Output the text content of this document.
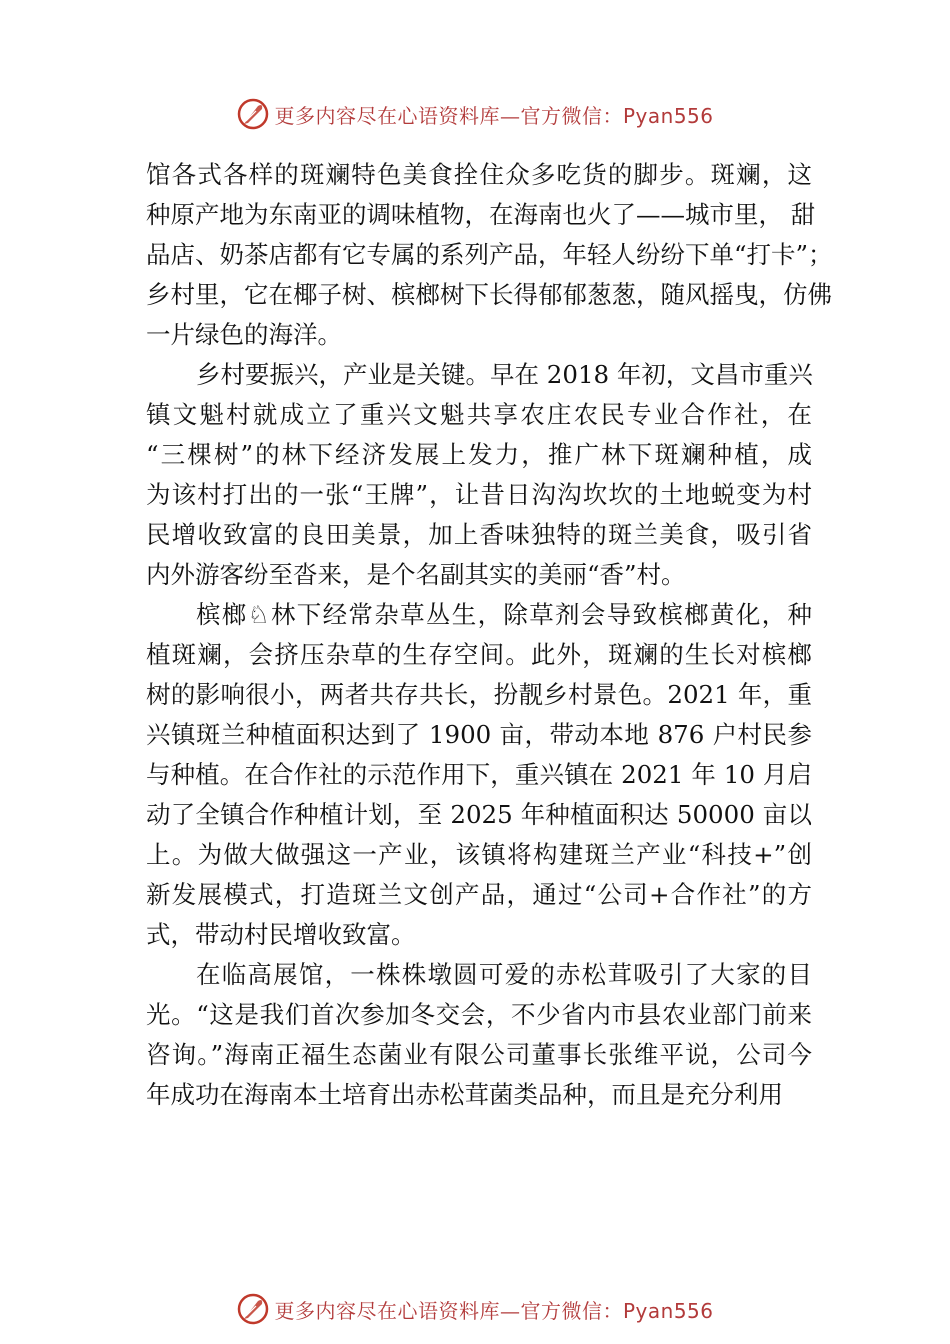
更多内容尽在心语资料库—官方微信：Pyan556
馆各式各样的斑斓特色美食拴住众多吃货的脚步。斑斓，这
种原产地为东南亚的调味植物，在海南也火了——城市里， 甜
品店、奶茶店都有它专属的系列产品，年轻人纷纷下单“打卡”；
乡村里，它在椰子树、槟榔树下长得郁郁葱葱，随风摇曳，仿佛
一片绿色的海洋。
乡村要振兴，产业是关键。早在 2018 年初，文昌市重兴
镇文魁村就成立了重兴文魁共享农庄农民专业合作社，在
“三棵树”的林下经济发展上发力，推广林下斑斓种植，成
为该村打出的一张“王牌”，让昔日沟沟坎坎的土地蜕变为村
民增收致富的良田美景，加上香味独特的斑兰美食，吸引省
内外游客纷至沓来，是个名副其实的美丽“香”村。
槟榔♘林下经常杂草丛生，除草剂会导致槟榔黄化，种
植斑斓，会挤压杂草的生存空间。此外，斑斓的生长对槟榔
树的影响很小，两者共存共长，扮靓乡村景色。2021 年，重
兴镇斑兰种植面积达到了 1900 亩，带动本地 876 户村民参
与种植。在合作社的示范作用下，重兴镇在 2021 年 10 月启
动了全镇合作种植计划，至 2025 年种植面积达 50000 亩以
上。为做大做强这一产业，该镇将构建斑兰产业“科技+”创
新发展模式，打造斑兰文创产品，通过“公司+合作社”的方
式，带动村民增收致富。
在临高展馆，一株株墩圆可爱的赤松茸吸引了大家的目
光。“这是我们首次参加冬交会，不少省内市县农业部门前来
咨询。”海南正福生态菌业有限公司董事长张维平说，公司今
年成功在海南本土培育出赤松茸菌类品种，而且是充分利用
更多内容尽在心语资料库—官方微信：Pyan556
